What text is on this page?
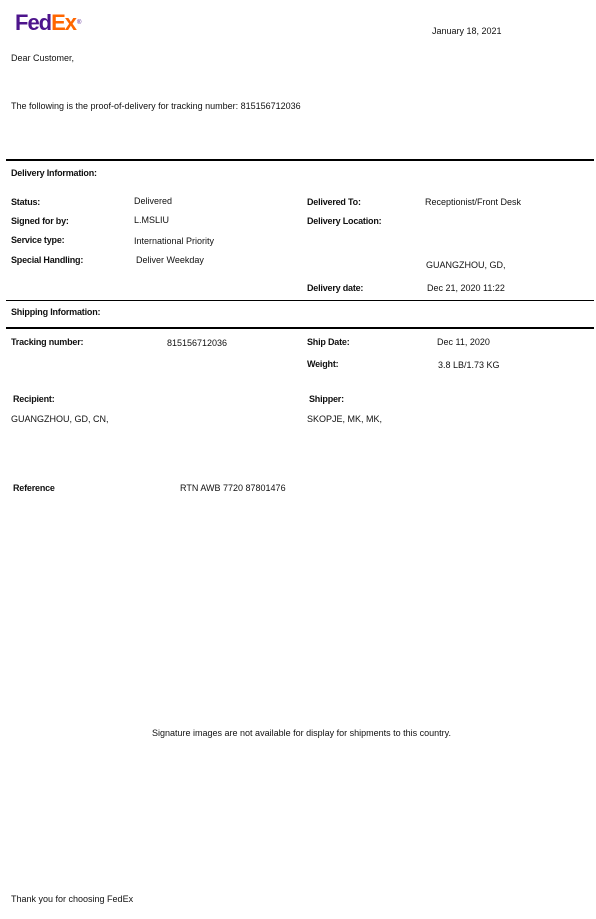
FedEx®
January 18, 2021
Dear Customer,
The following is the proof-of-delivery for tracking number: 815156712036
Delivery Information:
Status:	Delivered
Signed for by:	L.MSLIU
Service type:	International Priority
Special Handling:	Deliver Weekday
Delivered To:	Receptionist/Front Desk
Delivery Location:
GUANGZHOU, GD,
Delivery date:	Dec 21, 2020 11:22
Shipping Information:
Tracking number:	815156712036	Ship Date:	Dec 11, 2020
Weight:	3.8 LB/1.73 KG
Recipient:
GUANGZHOU, GD, CN,
Shipper:
SKOPJE, MK, MK,
Reference	RTN AWB 7720 87801476
Signature images are not available for display for shipments to this country.
Thank you for choosing FedEx
